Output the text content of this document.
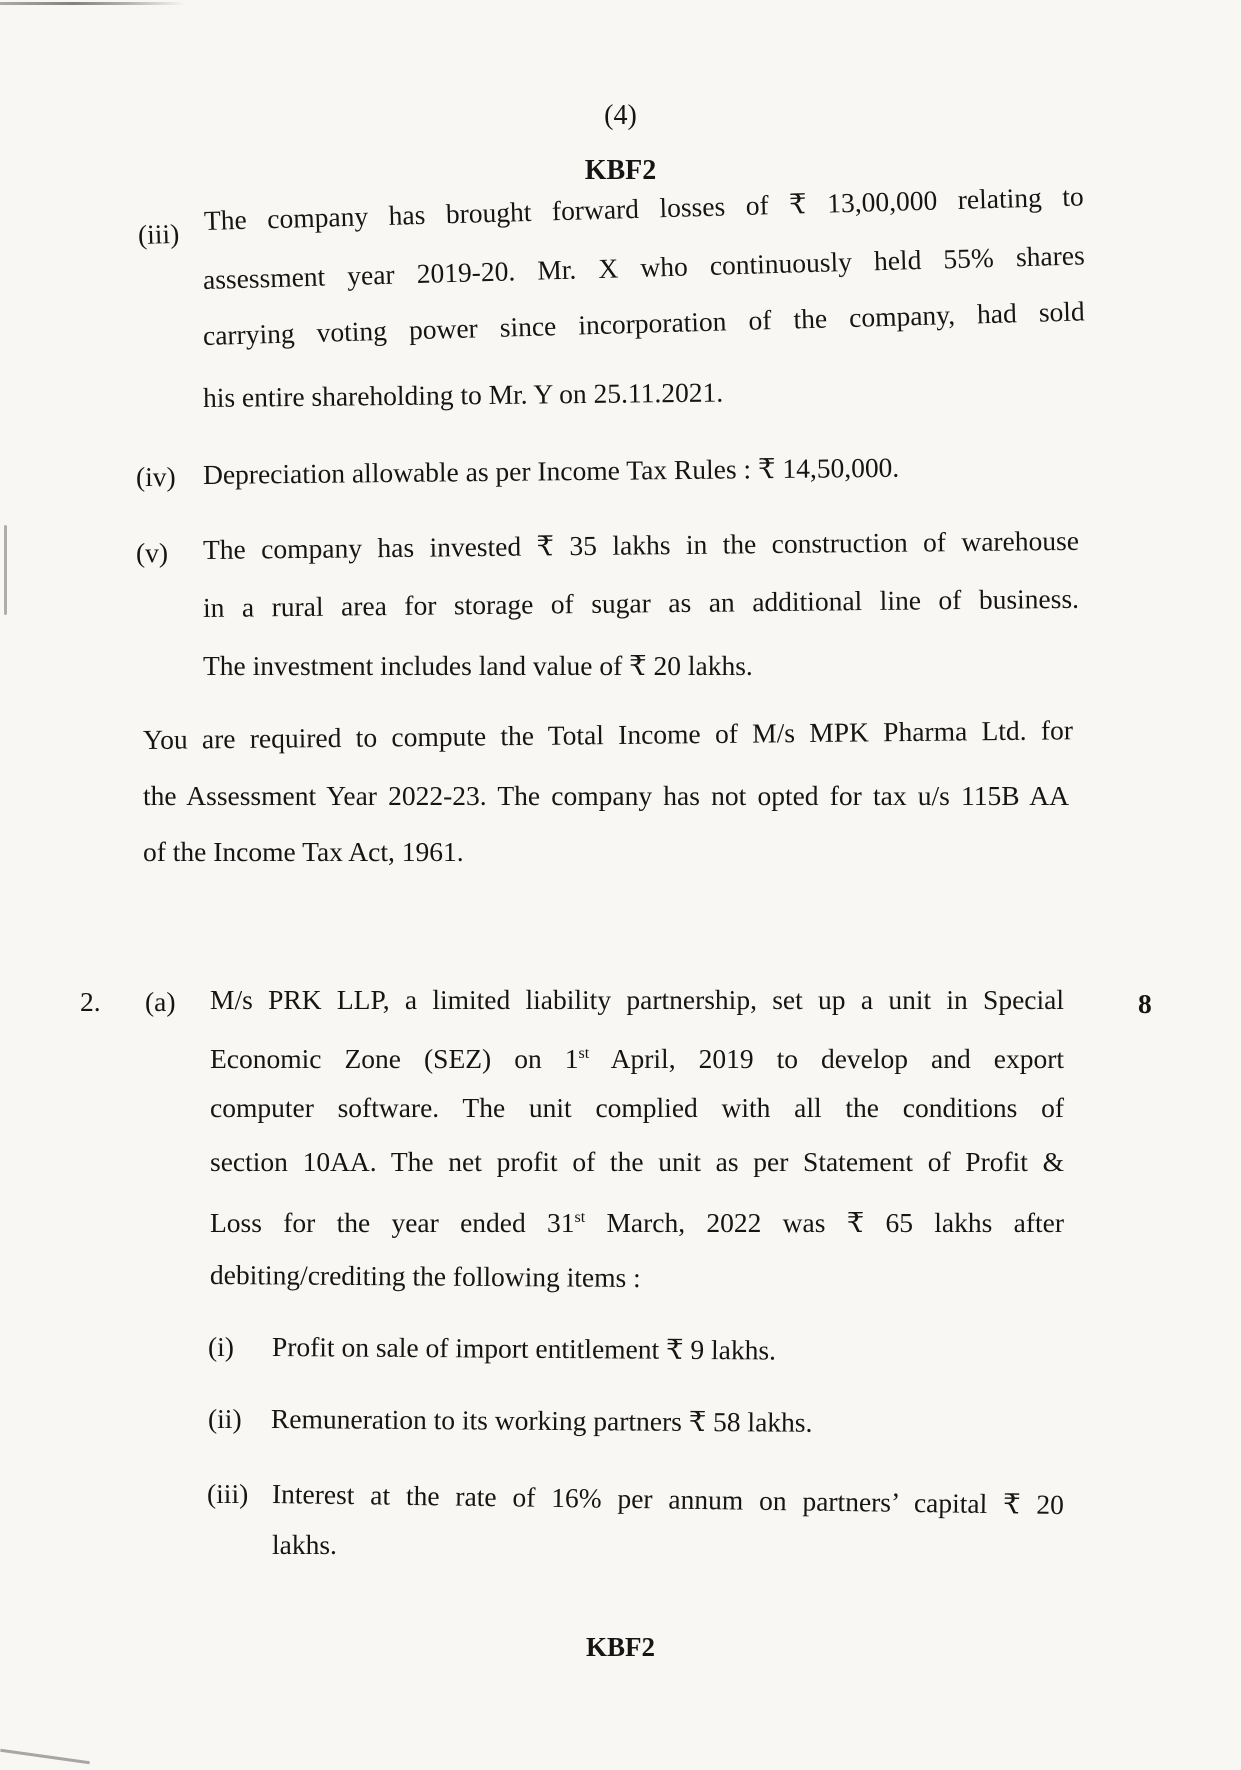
(4)
KBF2
(iii) The company has brought forward losses of ₹ 13,00,000 relating to
assessment year 2019-20. Mr. X who continuously held 55% shares
carrying voting power since incorporation of the company, had sold
his entire shareholding to Mr. Y on 25.11.2021.
(iv) Depreciation allowable as per Income Tax Rules : ₹ 14,50,000.
(v) The company has invested ₹ 35 lakhs in the construction of warehouse
in a rural area for storage of sugar as an additional line of business.
The investment includes land value of ₹ 20 lakhs.
You are required to compute the Total Income of M/s MPK Pharma Ltd. for
the Assessment Year 2022-23. The company has not opted for tax u/s 115B AA
of the Income Tax Act, 1961.
2. (a)	8
M/s PRK LLP, a limited liability partnership, set up a unit in Special
Economic Zone (SEZ) on 1st April, 2019 to develop and export
computer software. The unit complied with all the conditions of
section 10AA. The net profit of the unit as per Statement of Profit &
Loss for the year ended 31st March, 2022 was ₹ 65 lakhs after
debiting/crediting the following items :
(i) Profit on sale of import entitlement ₹ 9 lakhs.
(ii) Remuneration to its working partners ₹ 58 lakhs.
(iii) Interest at the rate of 16% per annum on partners’ capital ₹ 20
lakhs.
KBF2
